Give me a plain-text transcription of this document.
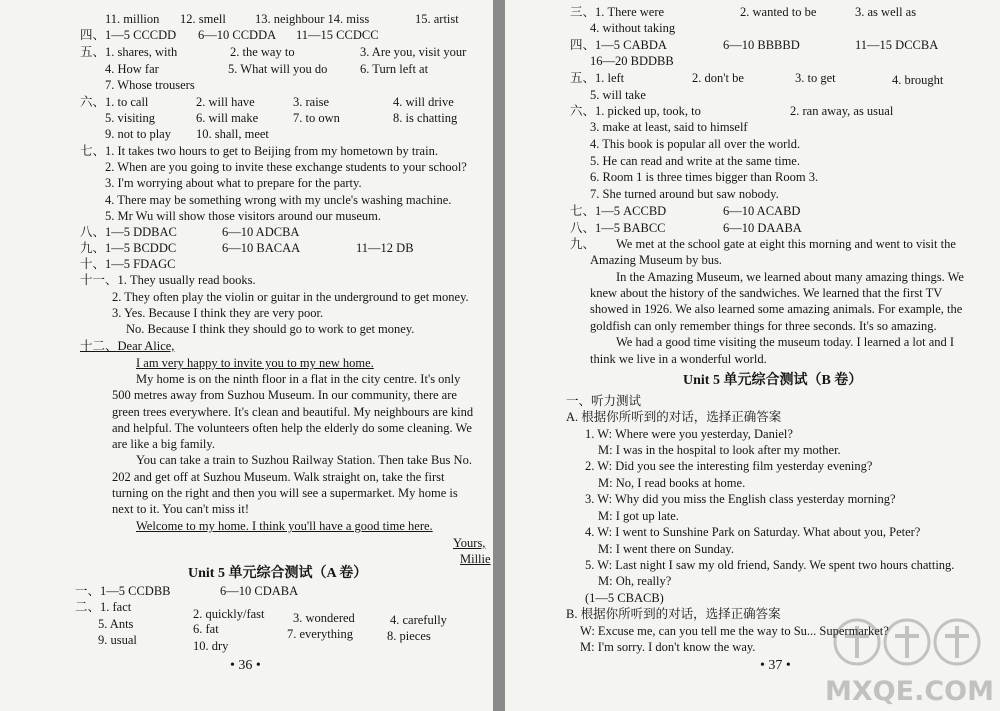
• 36 •
11. million 12. smell 13. neighbour 14. miss	15. artist
四、1—5 CCCDD 6—10 CCDDA 11—15 CCDCC
五、1. shares, with	2. the way to	3. Are you, visit your
4. How far	5. What will you do	6. Turn left at
7. Whose trousers
六、1. to call	2. will have	3. raise	4. will drive
5. visiting	6. will make	7. to own	8. is chatting
9. not to play 10. shall, meet
七、1. It takes two hours to get to Beijing from my hometown by train.
2. When are you going to invite these exchange students to your school?
3. I'm worrying about what to prepare for the party.
4. There may be something wrong with my uncle's washing machine.
5. Mr Wu will show those visitors around our museum.
八、1—5 DDBAC	6—10 ADCBA
九、1—5 BCDDC	6—10 BACAA	11—12 DB
十、1—5 FDAGC
十一、1. They usually read books.
2. They often play the violin or guitar in the underground to get money.
3. Yes. Because I think they are very poor.
No. Because I think they should go to work to get money.
十二、Dear Alice,
I am very happy to invite you to my new home.
My home is on the ninth floor in a flat in the city centre. It's only
500 metres away from Suzhou Museum. In our community, there are
green trees everywhere. It's clean and beautiful. My neighbours are kind
and helpful. The volunteers often help the elderly do some cleaning. We
are like a big family.
You can take a train to Suzhou Railway Station. Then take Bus No.
202 and get off at Suzhou Museum. Walk straight on, take the first
turning on the right and then you will see a supermarket. My home is
next to it. You can't miss it!
Welcome to my home. I think you'll have a good time here.
Yours,
Millie
Unit 5 单元综合测试（A 卷）
一、1—5 CCDBB	6—10 CDABA
二、1. fact	2. quickly/fast 3. wondered	4. carefully
5. Ants	6. fat	7. everything	8. pieces
9. usual	10. dry
• 37 •
三、1. There were	2. wanted to be	3. as well as
4. without taking
四、1—5 CABDA	6—10 BBBBD	11—15 DCCBA
16—20 BDDBB
五、1. left	2. don't be	3. to get	4. brought
5. will take
六、1. picked up, took, to	2. ran away, as usual
3. make at least, said to himself
4. This book is popular all over the world.
5. He can read and write at the same time.
6. Room 1 is three times bigger than Room 3.
7. She turned around but saw nobody.
七、1—5 ACCBD	6—10 ACABD
八、1—5 BABCC	6—10 DAABA
九、 We met at the school gate at eight this morning and went to visit the
Amazing Museum by bus.
In the Amazing Museum, we learned about many amazing things. We
knew about the history of the sandwiches. We learned that the first TV
showed in 1926. We also learned some amazing animals. For example, the
goldfish can only remember things for three seconds. It's so amazing.
We had a good time visiting the museum today. I learned a lot and I
think we live in a wonderful world.
Unit 5 单元综合测试（B 卷）
一、听力测试
A. 根据你所听到的对话，选择正确答案
1. W: Where were you yesterday, Daniel?
M: I was in the hospital to look after my mother.
2. W: Did you see the interesting film yesterday evening?
M: No, I read books at home.
3. W: Why did you miss the English class yesterday morning?
M: I got up late.
4. W: I went to Sunshine Park on Saturday. What about you, Peter?
M: I went there on Sunday.
5. W: Last night I saw my old friend, Sandy. We spent two hours chatting.
M: Oh, really?
(1—5 CBACB)
B. 根据你所听到的对话，选择正确答案
W: Excuse me, can you tell me the way to Su... Supermarket?
M: I'm sorry. I don't know the way.
MXQE.COM
